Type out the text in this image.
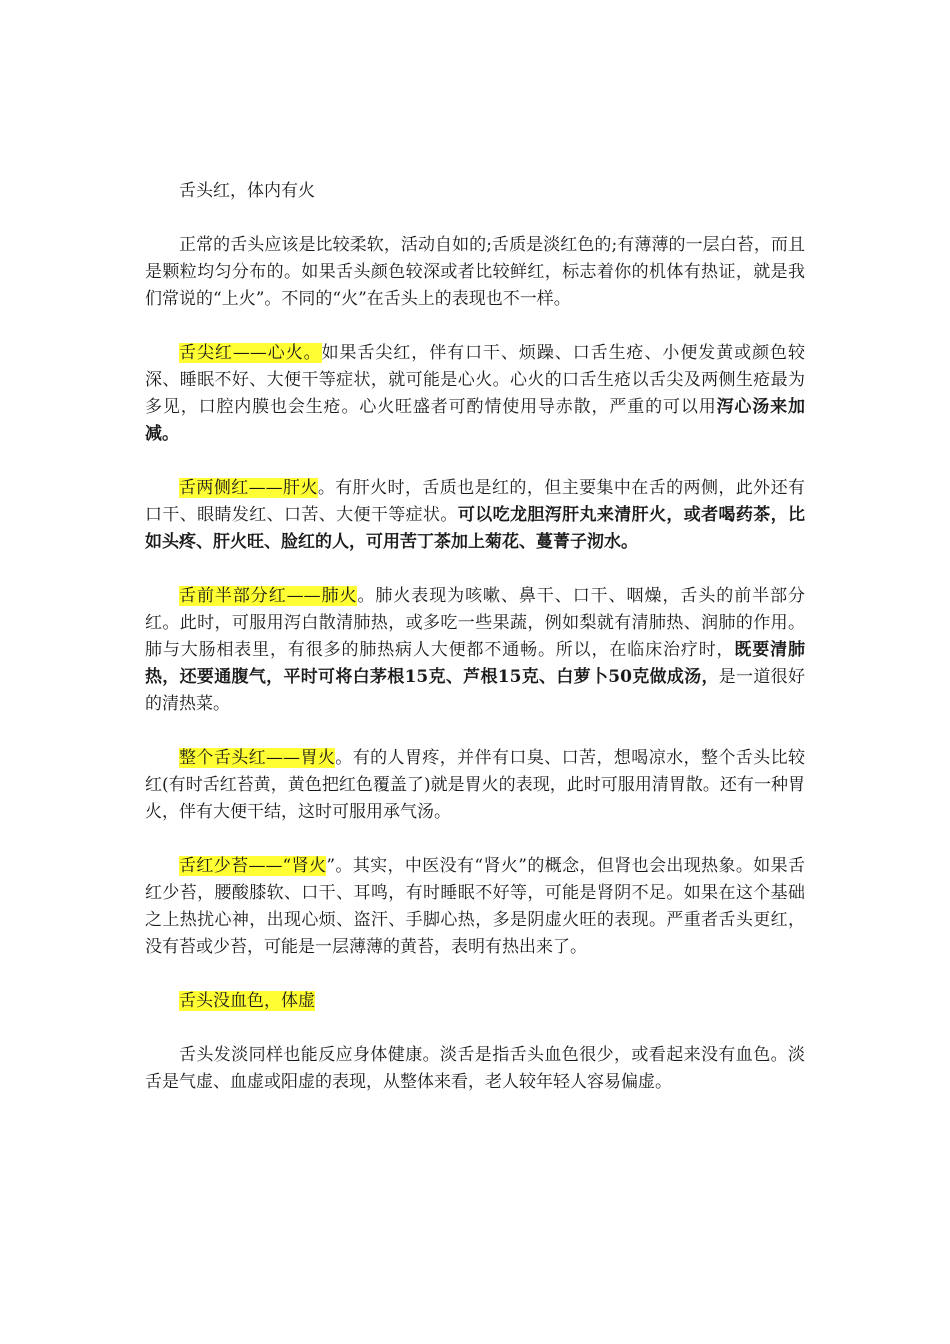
舌头红，体内有火

正常的舌头应该是比较柔软，活动自如的;舌质是淡红色的;有薄薄的一层白苔，而且是颗粒均匀分布的。如果舌头颜色较深或者比较鲜红，标志着你的机体有热证，就是我们常说的“上火”。不同的“火”在舌头上的表现也不一样。

舌尖红——心火。如果舌尖红，伴有口干、烦躁、口舌生疮、小便发黄或颜色较深、睡眠不好、大便干等症状，就可能是心火。心火的口舌生疮以舌尖及两侧生疮最为多见，口腔内膜也会生疮。心火旺盛者可酌情使用导赤散，严重的可以用泻心汤来加减。

舌两侧红——肝火。有肝火时，舌质也是红的，但主要集中在舌的两侧，此外还有口干、眼睛发红、口苦、大便干等症状。可以吃龙胆泻肝丸来清肝火，或者喝药茶，比如头疼、肝火旺、脸红的人，可用苦丁茶加上菊花、蔓菁子沏水。

舌前半部分红——肺火。肺火表现为咳嗽、鼻干、口干、咽燥，舌头的前半部分红。此时，可服用泻白散清肺热，或多吃一些果蔬，例如梨就有清肺热、润肺的作用。肺与大肠相表里，有很多的肺热病人大便都不通畅。所以，在临床治疗时，既要清肺热，还要通腹气，平时可将白茅根15克、芦根15克、白萝卜50克做成汤，是一道很好的清热菜。

整个舌头红——胃火。有的人胃疼，并伴有口臭、口苦，想喝凉水，整个舌头比较红(有时舌红苔黄，黄色把红色覆盖了)就是胃火的表现，此时可服用清胃散。还有一种胃火，伴有大便干结，这时可服用承气汤。

舌红少苔——“肾火”。其实，中医没有“肾火”的概念，但肾也会出现热象。如果舌红少苔，腰酸膝软、口干、耳鸣，有时睡眠不好等，可能是肾阴不足。如果在这个基础之上热扰心神，出现心烦、盗汗、手脚心热，多是阴虚火旺的表现。严重者舌头更红，没有苔或少苔，可能是一层薄薄的黄苔，表明有热出来了。

舌头没血色，体虚

舌头发淡同样也能反应身体健康。淡舌是指舌头血色很少，或看起来没有血色。淡舌是气虚、血虚或阳虚的表现，从整体来看，老人较年轻人容易偏虚。
